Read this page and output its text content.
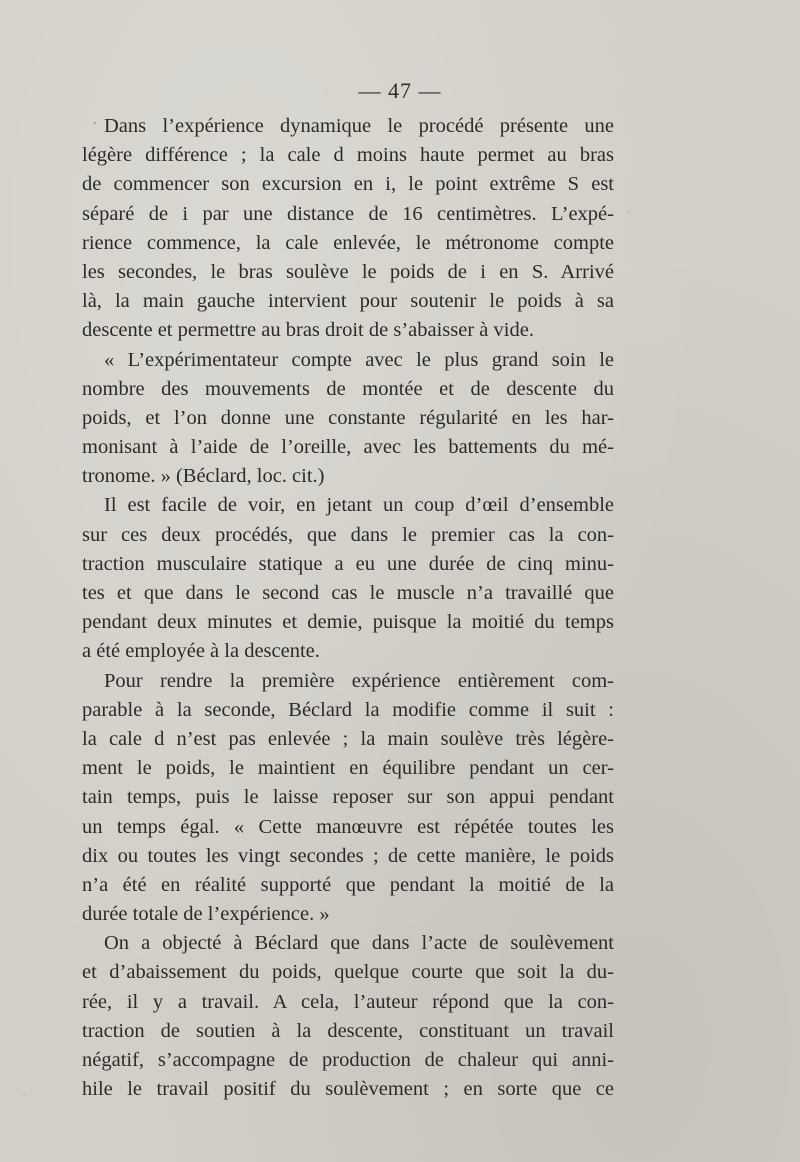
— 47 —
Dans l’expérience dynamique le procédé présente une
légère différence ; la cale d moins haute permet au bras
de commencer son excursion en i, le point extrême S est
séparé de i par une distance de 16 centimètres. L’expé-
rience commence, la cale enlevée, le métronome compte
les secondes, le bras soulève le poids de i en S. Arrivé
là, la main gauche intervient pour soutenir le poids à sa
descente et permettre au bras droit de s’abaisser à vide.
« L’expérimentateur compte avec le plus grand soin le
nombre des mouvements de montée et de descente du
poids, et l’on donne une constante régularité en les har-
monisant à l’aide de l’oreille, avec les battements du mé-
tronome. » (Béclard, loc. cit.)
Il est facile de voir, en jetant un coup d’œil d’ensemble
sur ces deux procédés, que dans le premier cas la con-
traction musculaire statique a eu une durée de cinq minu-
tes et que dans le second cas le muscle n’a travaillé que
pendant deux minutes et demie, puisque la moitié du temps
a été employée à la descente.
Pour rendre la première expérience entièrement com-
parable à la seconde, Béclard la modifie comme il suit :
la cale d n’est pas enlevée ; la main soulève très légère-
ment le poids, le maintient en équilibre pendant un cer-
tain temps, puis le laisse reposer sur son appui pendant
un temps égal. « Cette manœuvre est répétée toutes les
dix ou toutes les vingt secondes ; de cette manière, le poids
n’a été en réalité supporté que pendant la moitié de la
durée totale de l’expérience. »
On a objecté à Béclard que dans l’acte de soulèvement
et d’abaissement du poids, quelque courte que soit la du-
rée, il y a travail. A cela, l’auteur répond que la con-
traction de soutien à la descente, constituant un travail
négatif, s’accompagne de production de chaleur qui anni-
hile le travail positif du soulèvement ; en sorte que ce
